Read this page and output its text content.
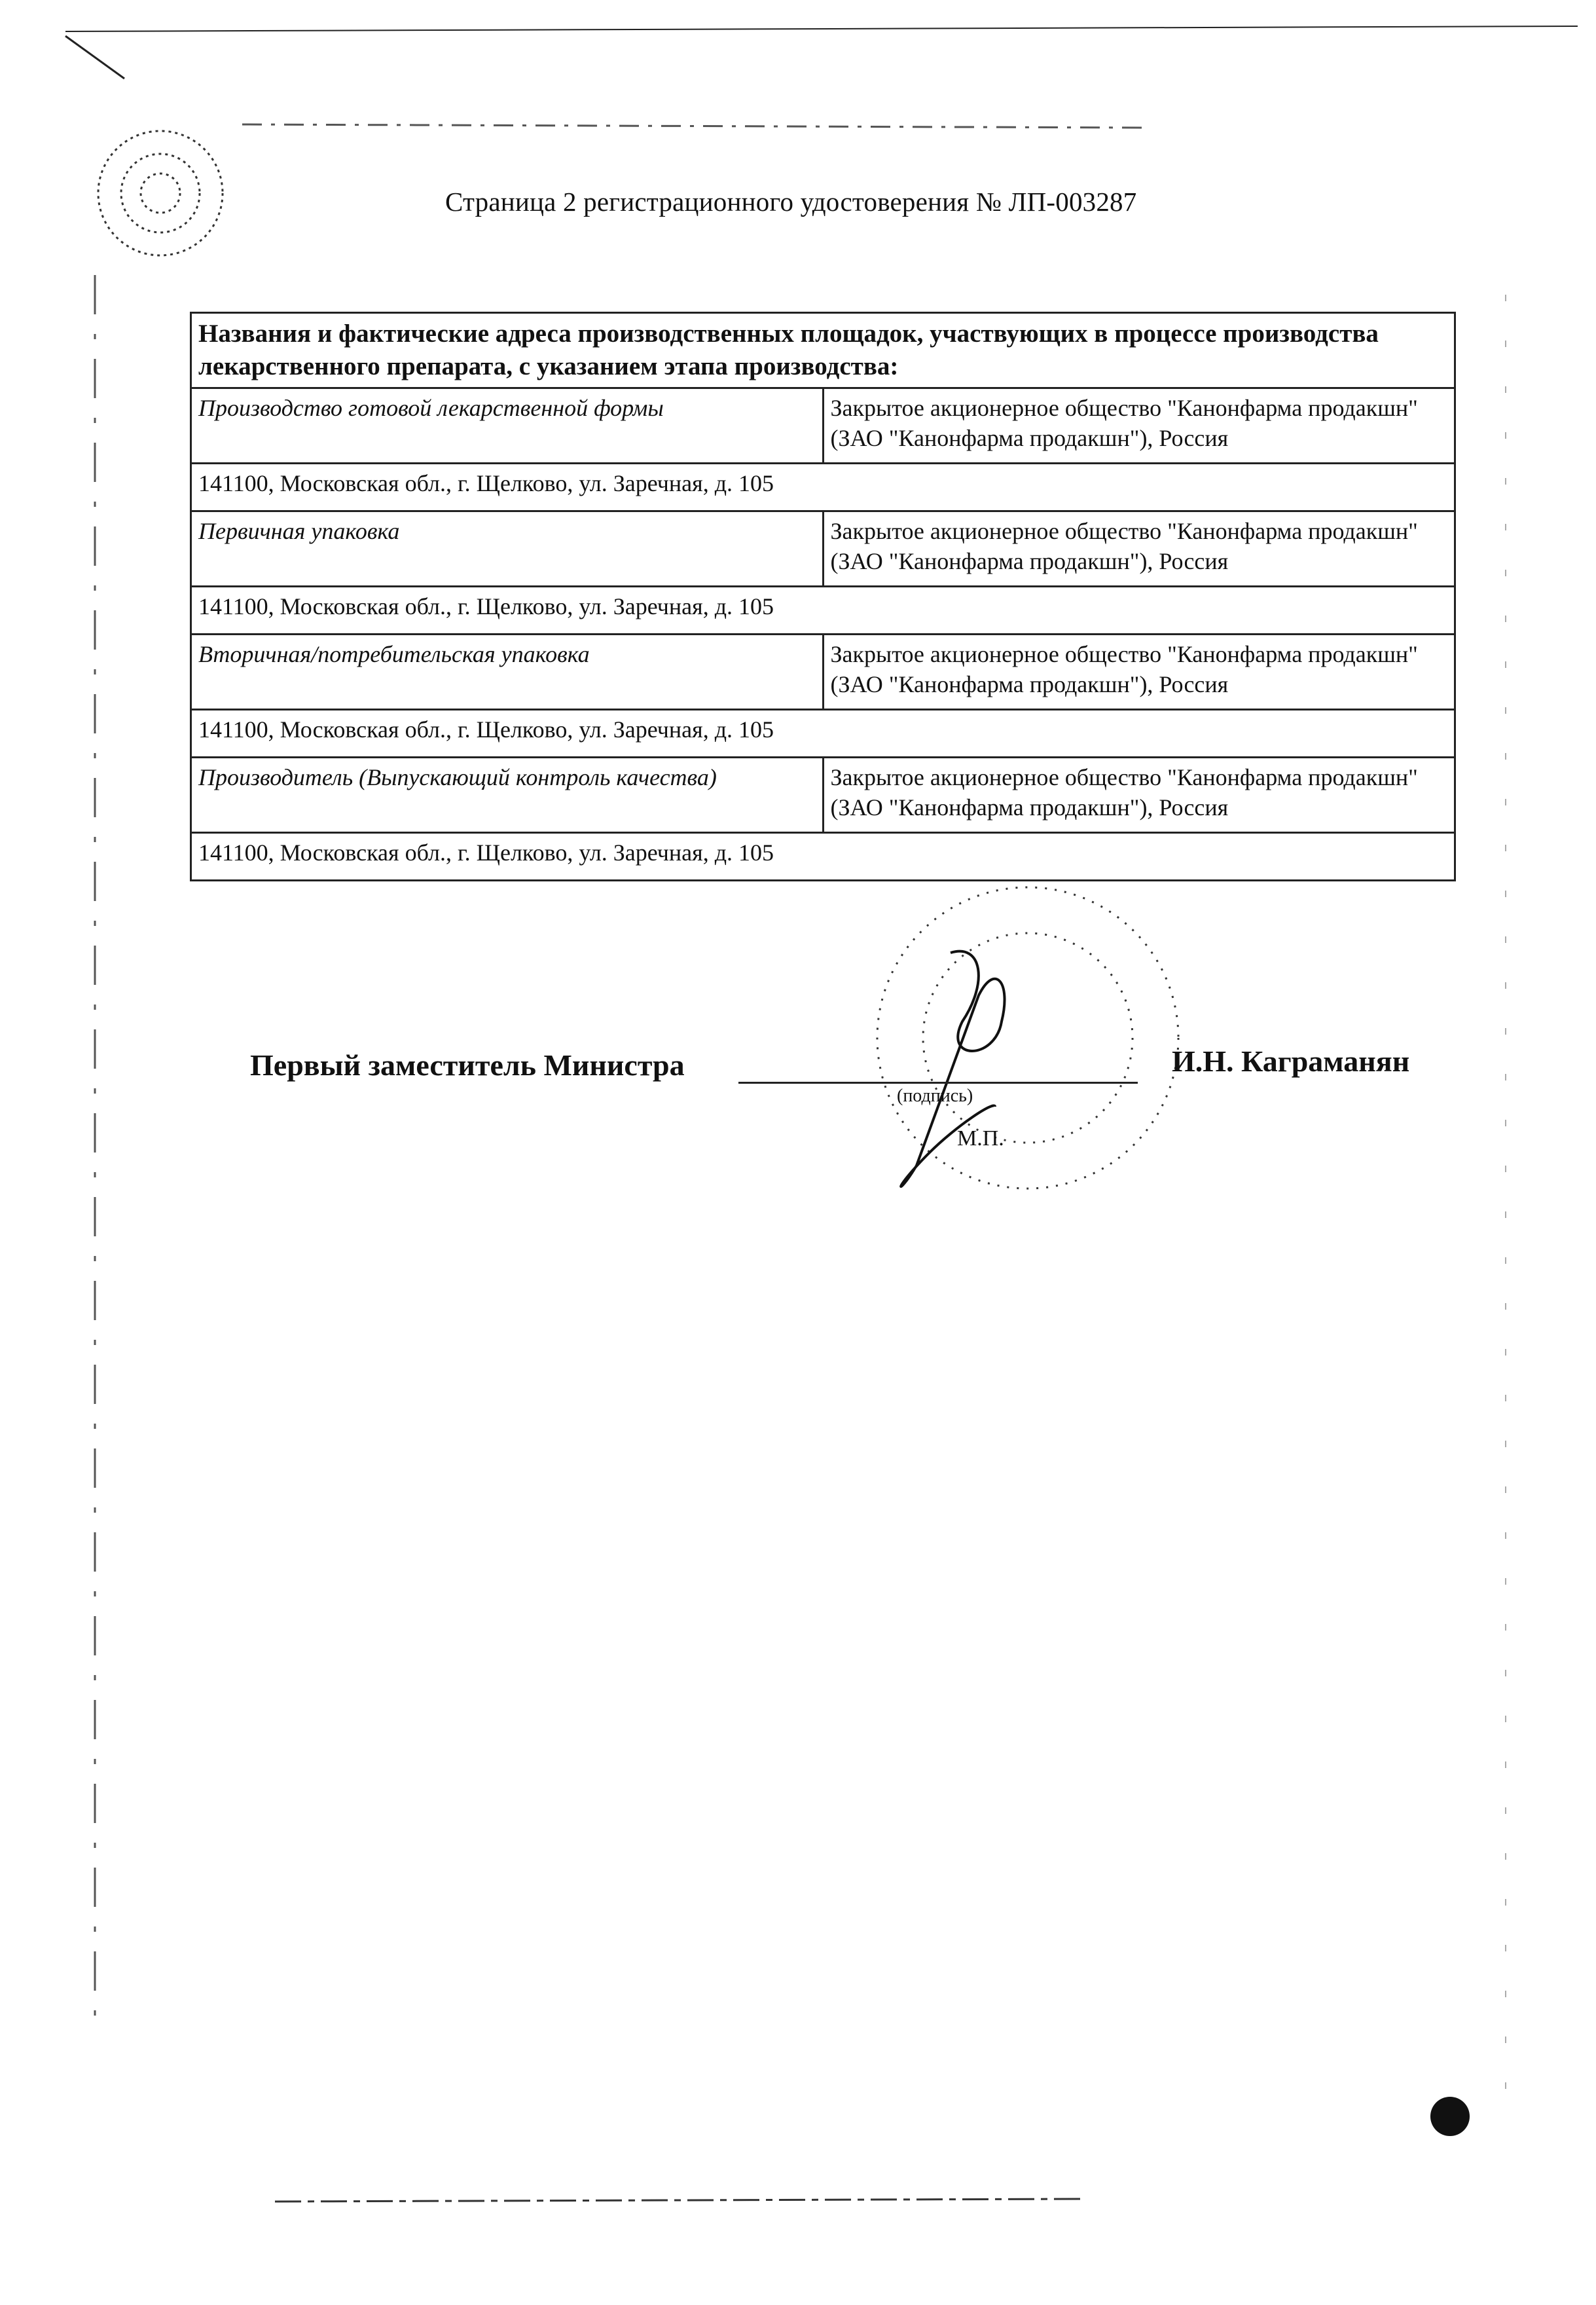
Страница 2 регистрационного удостоверения № ЛП-003287
Названия и фактические адреса производственных площадок, участвующих в процессе производства лекарственного препарата, с указанием этапа производства:	
Производство готовой лекарственной формы	Закрытое акционерное общество "Канонфарма продакшн" (ЗАО "Канонфарма продакшн"), Россия
141100, Московская обл., г. Щелково, ул. Заречная, д. 105	
Первичная упаковка	Закрытое акционерное общество "Канонфарма продакшн" (ЗАО "Канонфарма продакшн"), Россия
141100, Московская обл., г. Щелково, ул. Заречная, д. 105	
Вторичная/потребительская упаковка	Закрытое акционерное общество "Канонфарма продакшн" (ЗАО "Канонфарма продакшн"), Россия
141100, Московская обл., г. Щелково, ул. Заречная, д. 105	
Производитель (Выпускающий контроль качества)	Закрытое акционерное общество "Канонфарма продакшн" (ЗАО "Канонфарма продакшн"), Россия
141100, Московская обл., г. Щелково, ул. Заречная, д. 105	
Первый заместитель Министра
(подпись)
М.П.
И.Н. Каграманян
